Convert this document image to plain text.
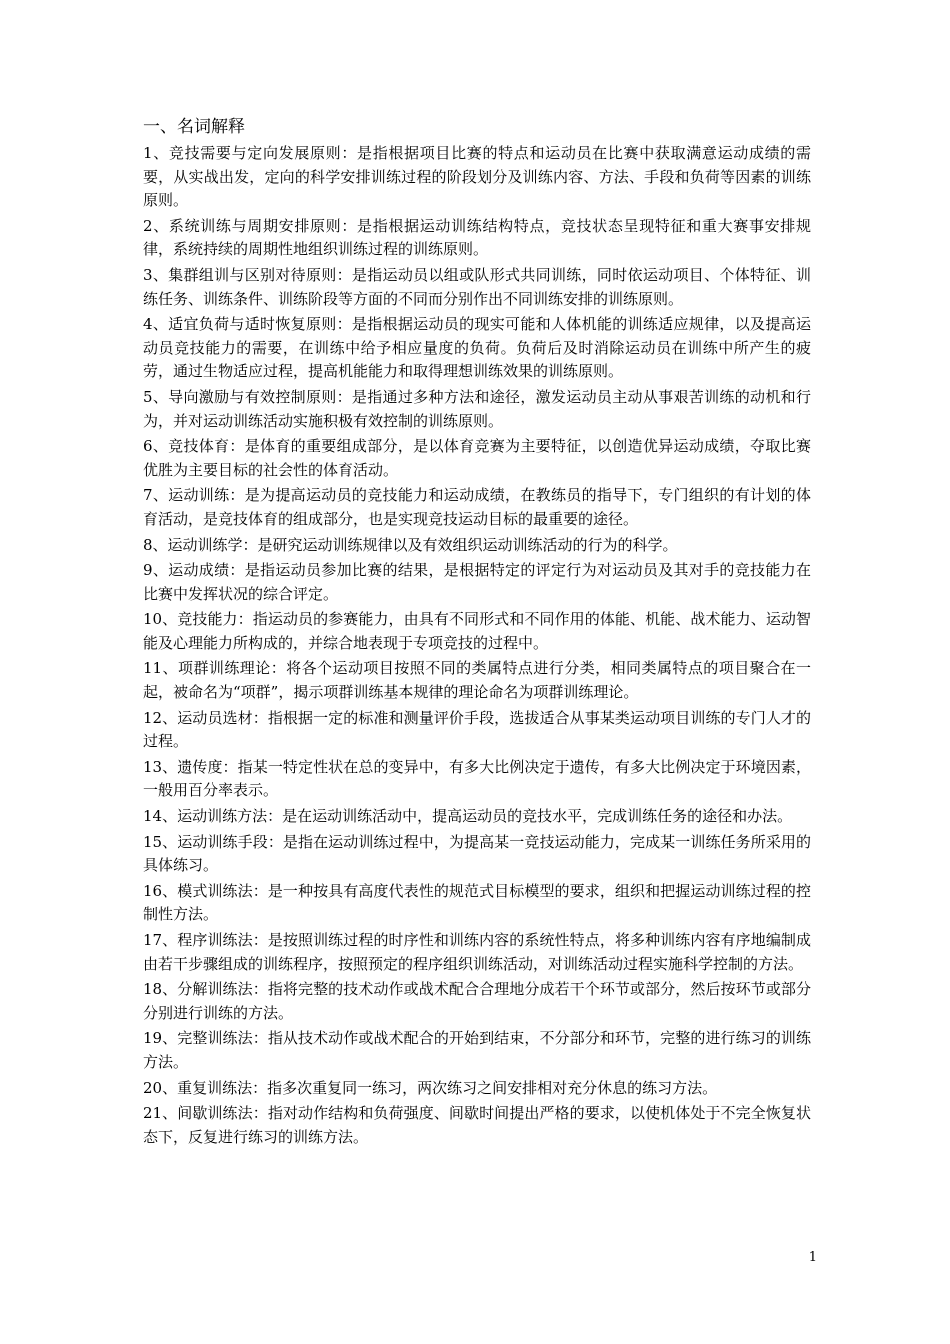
一、名词解释

1、竞技需要与定向发展原则：是指根据项目比赛的特点和运动员在比赛中获取满意运动成绩的需要，从实战出发，定向的科学安排训练过程的阶段划分及训练内容、方法、手段和负荷等因素的训练原则。

2、系统训练与周期安排原则：是指根据运动训练结构特点，竞技状态呈现特征和重大赛事安排规律，系统持续的周期性地组织训练过程的训练原则。

3、集群组训与区别对待原则：是指运动员以组或队形式共同训练，同时依运动项目、个体特征、训练任务、训练条件、训练阶段等方面的不同而分别作出不同训练安排的训练原则。

4、适宜负荷与适时恢复原则：是指根据运动员的现实可能和人体机能的训练适应规律，以及提高运动员竞技能力的需要，在训练中给予相应量度的负荷。负荷后及时消除运动员在训练中所产生的疲劳，通过生物适应过程，提高机能能力和取得理想训练效果的训练原则。

5、导向激励与有效控制原则：是指通过多种方法和途径，激发运动员主动从事艰苦训练的动机和行为，并对运动训练活动实施积极有效控制的训练原则。

6、竞技体育：是体育的重要组成部分，是以体育竞赛为主要特征，以创造优异运动成绩，夺取比赛优胜为主要目标的社会性的体育活动。

7、运动训练：是为提高运动员的竞技能力和运动成绩，在教练员的指导下，专门组织的有计划的体育活动，是竞技体育的组成部分，也是实现竞技运动目标的最重要的途径。

8、运动训练学：是研究运动训练规律以及有效组织运动训练活动的行为的科学。

9、运动成绩：是指运动员参加比赛的结果，是根据特定的评定行为对运动员及其对手的竞技能力在比赛中发挥状况的综合评定。

10、竞技能力：指运动员的参赛能力，由具有不同形式和不同作用的体能、机能、战术能力、运动智能及心理能力所构成的，并综合地表现于专项竞技的过程中。

11、项群训练理论：将各个运动项目按照不同的类属特点进行分类，相同类属特点的项目聚合在一起，被命名为“项群”，揭示项群训练基本规律的理论命名为项群训练理论。

12、运动员选材：指根据一定的标准和测量评价手段，选拔适合从事某类运动项目训练的专门人才的过程。

13、遗传度：指某一特定性状在总的变异中，有多大比例决定于遗传，有多大比例决定于环境因素，一般用百分率表示。

14、运动训练方法：是在运动训练活动中，提高运动员的竞技水平，完成训练任务的途径和办法。

15、运动训练手段：是指在运动训练过程中，为提高某一竞技运动能力，完成某一训练任务所采用的具体练习。

16、模式训练法：是一种按具有高度代表性的规范式目标模型的要求，组织和把握运动训练过程的控制性方法。

17、程序训练法：是按照训练过程的时序性和训练内容的系统性特点，将多种训练内容有序地编制成由若干步骤组成的训练程序，按照预定的程序组织训练活动，对训练活动过程实施科学控制的方法。

18、分解训练法：指将完整的技术动作或战术配合合理地分成若干个环节或部分，然后按环节或部分分别进行训练的方法。

19、完整训练法：指从技术动作或战术配合的开始到结束，不分部分和环节，完整的进行练习的训练方法。

20、重复训练法：指多次重复同一练习，两次练习之间安排相对充分休息的练习方法。

21、间歇训练法：指对动作结构和负荷强度、间歇时间提出严格的要求，以使机体处于不完全恢复状态下，反复进行练习的训练方法。

1
